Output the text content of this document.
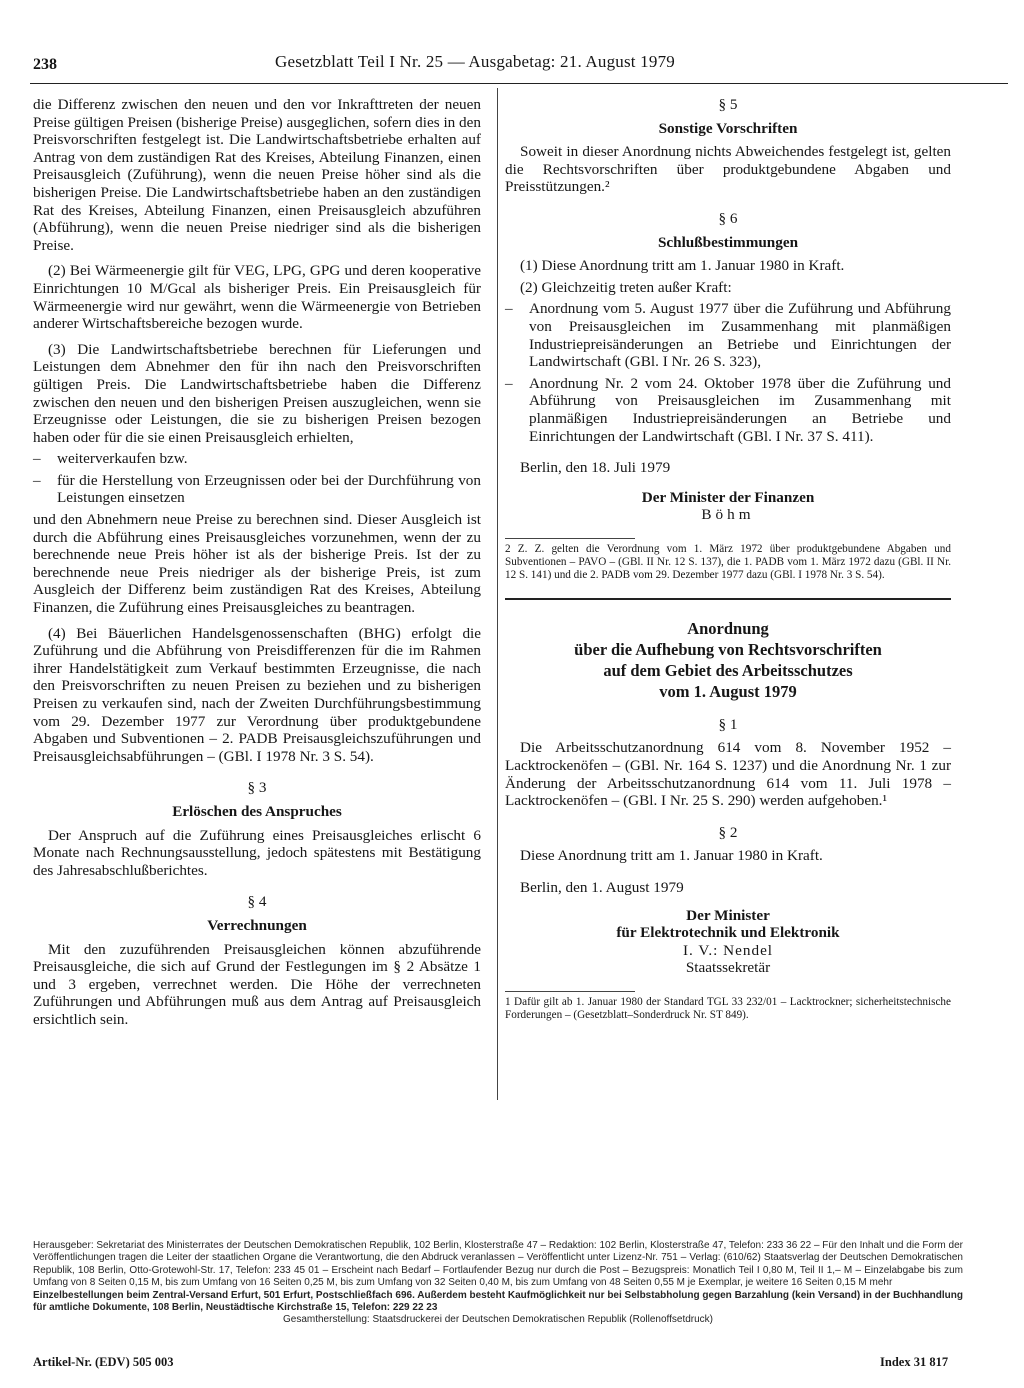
238	Gesetzblatt Teil I Nr. 25 — Ausgabetag: 21. August 1979

die Differenz zwischen den neuen und den vor Inkrafttreten der neuen Preise gültigen Preisen (bisherige Preise) ausgeglichen, sofern dies in den Preisvorschriften festgelegt ist. Die Landwirtschaftsbetriebe erhalten auf Antrag von dem zuständigen Rat des Kreises, Abteilung Finanzen, einen Preisausgleich (Zuführung), wenn die neuen Preise höher sind als die bisherigen Preise. Die Landwirtschaftsbetriebe haben an den zuständigen Rat des Kreises, Abteilung Finanzen, einen Preisausgleich abzuführen (Abführung), wenn die neuen Preise niedriger sind als die bisherigen Preise.

(2) Bei Wärmeenergie gilt für VEG, LPG, GPG und deren kooperative Einrichtungen 10 M/Gcal als bisheriger Preis. Ein Preisausgleich für Wärmeenergie wird nur gewährt, wenn die Wärmeenergie von Betrieben anderer Wirtschaftsbereiche bezogen wurde.

(3) Die Landwirtschaftsbetriebe berechnen für Lieferungen und Leistungen dem Abnehmer den für ihn nach den Preisvorschriften gültigen Preis. Die Landwirtschaftsbetriebe haben die Differenz zwischen den neuen und den bisherigen Preisen auszugleichen, wenn sie Erzeugnisse oder Leistungen, die sie zu bisherigen Preisen bezogen haben oder für die sie einen Preisausgleich erhielten,

–	weiterverkaufen bzw.
–	für die Herstellung von Erzeugnissen oder bei der Durchführung von Leistungen einsetzen

und den Abnehmern neue Preise zu berechnen sind. Dieser Ausgleich ist durch die Abführung eines Preisausgleiches vorzunehmen, wenn der zu berechnende neue Preis höher ist als der bisherige Preis. Ist der zu berechnende neue Preis niedriger als der bisherige Preis, ist zum Ausgleich der Differenz beim zuständigen Rat des Kreises, Abteilung Finanzen, die Zuführung eines Preisausgleiches zu beantragen.

(4) Bei Bäuerlichen Handelsgenossenschaften (BHG) erfolgt die Zuführung und die Abführung von Preisdifferenzen für die im Rahmen ihrer Handelstätigkeit zum Verkauf bestimmten Erzeugnisse, die nach den Preisvorschriften zu neuen Preisen zu beziehen und zu bisherigen Preisen zu verkaufen sind, nach der Zweiten Durchführungsbestimmung vom 29. Dezember 1977 zur Verordnung über produktgebundene Abgaben und Subventionen – 2. PADB Preisausgleichszuführungen und Preisausgleichsabführungen – (GBl. I 1978 Nr. 3 S. 54).

§ 3

Erlöschen des Anspruches

Der Anspruch auf die Zuführung eines Preisausgleiches erlischt 6 Monate nach Rechnungsausstellung, jedoch spätestens mit Bestätigung des Jahresabschlußberichtes.

§ 4

Verrechnungen

Mit den zuzuführenden Preisausgleichen können abzuführende Preisausgleiche, die sich auf Grund der Festlegungen im § 2 Absätze 1 und 3 ergeben, verrechnet werden. Die Höhe der verrechneten Zuführungen und Abführungen muß aus dem Antrag auf Preisausgleich ersichtlich sein.

§ 5

Sonstige Vorschriften

Soweit in dieser Anordnung nichts Abweichendes festgelegt ist, gelten die Rechtsvorschriften über produktgebundene Abgaben und Preisstützungen.²

§ 6

Schlußbestimmungen

(1) Diese Anordnung tritt am 1. Januar 1980 in Kraft.

(2) Gleichzeitig treten außer Kraft:

–	Anordnung vom 5. August 1977 über die Zuführung und Abführung von Preisausgleichen im Zusammenhang mit planmäßigen Industriepreisänderungen an Betriebe und Einrichtungen der Landwirtschaft (GBl. I Nr. 26 S. 323),
–	Anordnung Nr. 2 vom 24. Oktober 1978 über die Zuführung und Abführung von Preisausgleichen im Zusammenhang mit planmäßigen Industriepreisänderungen an Betriebe und Einrichtungen der Landwirtschaft (GBl. I Nr. 37 S. 411).

Berlin, den 18. Juli 1979

Der Minister der Finanzen

Böhm

2 Z. Z. gelten die Verordnung vom 1. März 1972 über produktgebundene Abgaben und Subventionen – PAVO – (GBl. II Nr. 12 S. 137), die 1. PADB vom 1. März 1972 dazu (GBl. II Nr. 12 S. 141) und die 2. PADB vom 29. Dezember 1977 dazu (GBl. I 1978 Nr. 3 S. 54).

Anordnung

über die Aufhebung von Rechtsvorschriften

auf dem Gebiet des Arbeitsschutzes

vom 1. August 1979

§ 1

Die Arbeitsschutzanordnung 614 vom 8. November 1952 – Lacktrockenöfen – (GBl. Nr. 164 S. 1237) und die Anordnung Nr. 1 zur Änderung der Arbeitsschutzanordnung 614 vom 11. Juli 1978 – Lacktrockenöfen – (GBl. I Nr. 25 S. 290) werden aufgehoben.¹

§ 2

Diese Anordnung tritt am 1. Januar 1980 in Kraft.

Berlin, den 1. August 1979

Der Minister

für Elektrotechnik und Elektronik

I. V.: Nendel

Staatssekretär

1 Dafür gilt ab 1. Januar 1980 der Standard TGL 33 232/01 – Lacktrockner; sicherheitstechnische Forderungen – (Gesetzblatt–Sonderdruck Nr. ST 849).

Herausgeber: Sekretariat des Ministerrates der Deutschen Demokratischen Republik, 102 Berlin, Klosterstraße 47 – Redaktion: 102 Berlin, Klosterstraße 47, Telefon: 233 36 22 – Für den Inhalt und die Form der Veröffentlichungen tragen die Leiter der staatlichen Organe die Verantwortung, die den Abdruck veranlassen – Veröffentlicht unter Lizenz-Nr. 751 – Verlag: (610/62) Staatsverlag der Deutschen Demokratischen Republik, 108 Berlin, Otto-Grotewohl-Str. 17, Telefon: 233 45 01 – Erscheint nach Bedarf – Fortlaufender Bezug nur durch die Post – Bezugspreis: Monatlich Teil I 0,80 M, Teil II 1,– M – Einzelabgabe bis zum Umfang von 8 Seiten 0,15 M, bis zum Umfang von 16 Seiten 0,25 M, bis zum Umfang von 32 Seiten 0,40 M, bis zum Umfang von 48 Seiten 0,55 M je Exemplar, je weitere 16 Seiten 0,15 M mehr

Einzelbestellungen beim Zentral-Versand Erfurt, 501 Erfurt, Postschließfach 696. Außerdem besteht Kaufmöglichkeit nur bei Selbstabholung gegen Barzahlung (kein Versand) in der Buchhandlung für amtliche Dokumente, 108 Berlin, Neustädtische Kirchstraße 15, Telefon: 229 22 23

Gesamtherstellung: Staatsdruckerei der Deutschen Demokratischen Republik (Rollenoffsetdruck)

Artikel-Nr. (EDV) 505 003	Index 31 817
